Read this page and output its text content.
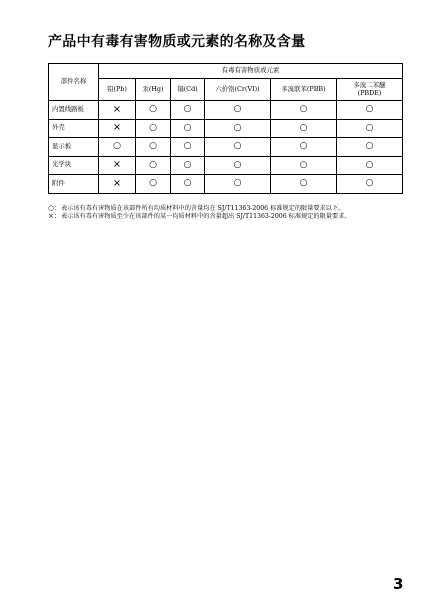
产品中有毒有害物质或元素的名称及含量
部件名称	有毒有害物质或元素					
	铅(Pb)	汞(Hg)	镉(Cd)	六价铬(Cr(VI))	多溴联苯(PBB)	多溴二苯醚
(PBDE)
内置线路板	×	○	○	○	○	○
外壳	×	○	○	○	○	○
显示板	○	○	○	○	○	○
光学块	×	○	○	○	○	○
附件	×	○	○	○	○	○
○： 表示该有毒有害物质在该部件所有均质材料中的含量均在 SJ/T11363-2006 标准规定的限量要求以下。
×： 表示该有毒有害物质至少在该部件的某一均质材料中的含量超出 SJ/T11363-2006 标准规定的限量要求。
3
